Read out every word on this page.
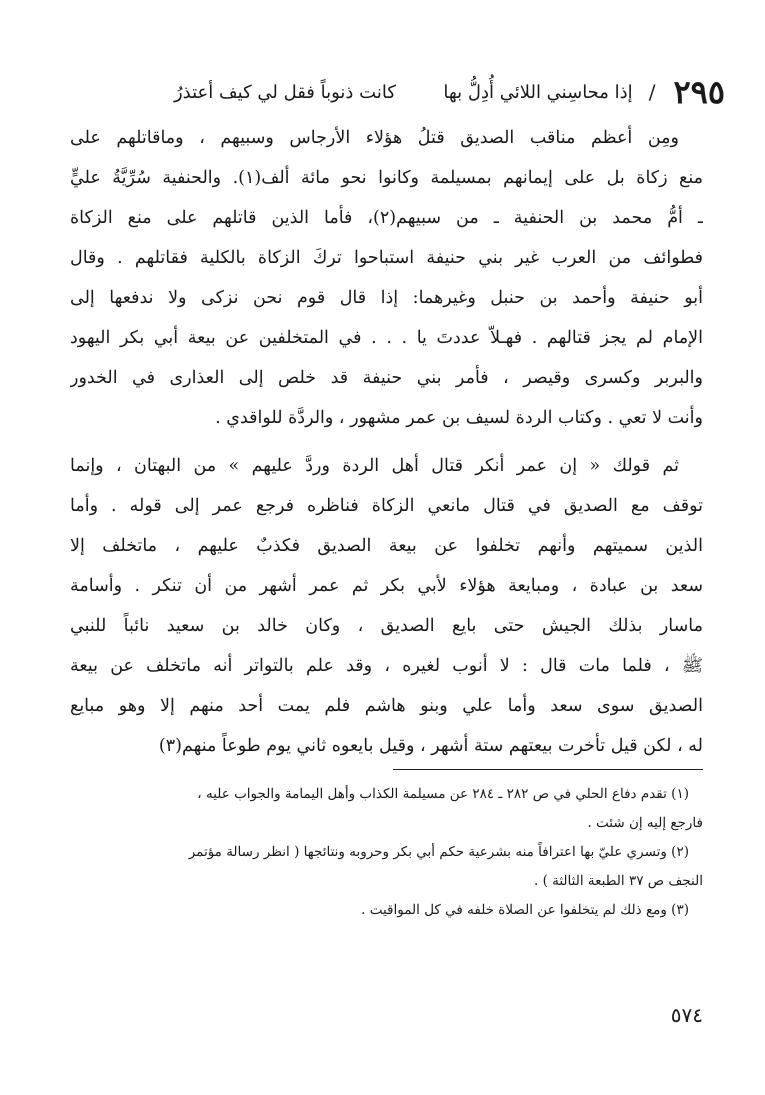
٢٩٥
/
إذا محاسِني اللائي أُدِلُّ بها  كانت ذنوباً فقل لي كيف أعتذرُ
ومِن أعظم مناقب الصديق قتلُ هؤلاء الأرجاس وسبيهم ، وماقاتلهم على
منع زكاة بل على إيمانهم بمسيلمة وكانوا نحو مائة ألف(١). والحنفية سُرِّيَّةُ عليٍّ
ـ أمُّ محمد بن الحنفية ـ من سبيهم(٢)، فأما الذين قاتلهم على منع الزكاة
فطوائف من العرب غير بني حنيفة استباحوا تركَ الزكاة بالكلية فقاتلهم . وقال
أبو حنيفة وأحمد بن حنبل وغيرهما: إذا قال قوم نحن نزكى ولا ندفعها إلى
الإمام لم يجز قتالهم . فهـلاّ عددتَ يا . . . في المتخلفين عن بيعة أبي بكر اليهود
والبربر وكسرى وقيصر ، فأمر بني حنيفة قد خلص إلى العذارى في الخدور
وأنت لا تعي . وكتاب الردة لسيف بن عمر مشهور ، والردَّة للواقدي .
ثم قولك « إن عمر أنكر قتال أهل الردة وردَّ عليهم » من البهتان ، وإنما
توقف مع الصديق في قتال مانعي الزكاة فناظره فرجع عمر إلى قوله . وأما
الذين سميتهم وأنهم تخلفوا عن بيعة الصديق فكذبٌ عليهم ، ماتخلف إلا
سعد بن عبادة ، ومبايعة هؤلاء لأبي بكر ثم عمر أشهر من أن تنكر . وأسامة
ماسار بذلك الجيش حتى بايع الصديق ، وكان خالد بن سعيد نائباً للنبي
ﷺ ، فلما مات قال : لا أنوب لغيره ، وقد علم بالتواتر أنه ماتخلف عن بيعة
الصديق سوى سعد وأما علي وبنو هاشم فلم يمت أحد منهم إلا وهو مبايع
له ، لكن قيل تأخرت بيعتهم ستة أشهر ، وقيل بايعوه ثاني يوم طوعاً منهم(٣)
(١) تقدم دفاع الحلي في ص ٢٨٢ ـ ٢٨٤ عن مسيلمة الكذاب وأهل اليمامة والجواب عليه ،
فارجع إليه إن شئت .
(٢) وتسري عليّ بها اعترافاً منه بشرعية حكم أبي بكر وحروبه ونتائجها ( انظر رسالة مؤتمر
النجف ص ٣٧ الطبعة الثالثة ) .
(٣) ومع ذلك لم يتخلفوا عن الصلاة خلفه في كل المواقيت .
٥٧٤
